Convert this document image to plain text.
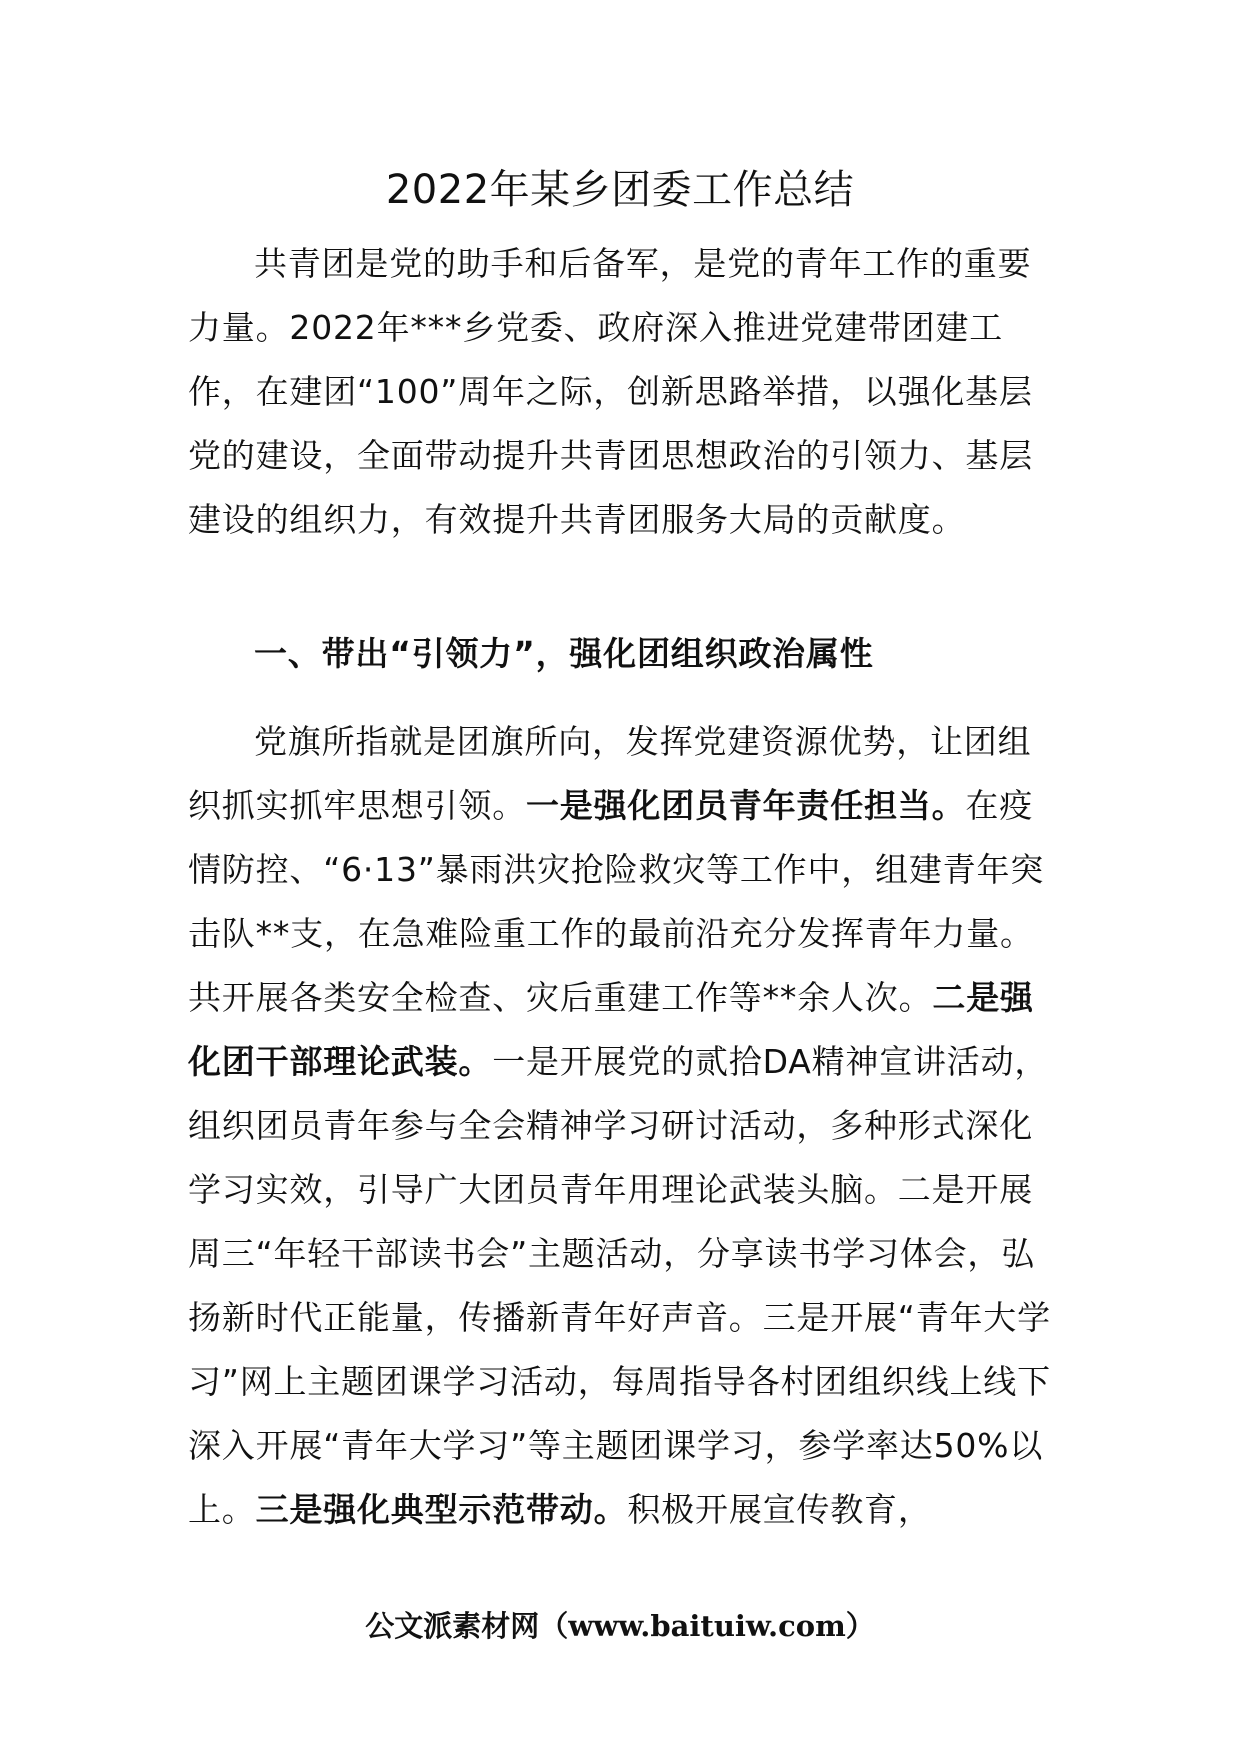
2022年某乡团委工作总结

共青团是党的助手和后备军，是党的青年工作的重要力量。2022年***乡党委、政府深入推进党建带团建工作，在建团“100”周年之际，创新思路举措，以强化基层党的建设，全面带动提升共青团思想政治的引领力、基层建设的组织力，有效提升共青团服务大局的贡献度。

一、带出“引领力”，强化团组织政治属性

党旗所指就是团旗所向，发挥党建资源优势，让团组织抓实抓牢思想引领。一是强化团员青年责任担当。在疫情防控、“6·13”暴雨洪灾抢险救灾等工作中，组建青年突击队**支，在急难险重工作的最前沿充分发挥青年力量。共开展各类安全检查、灾后重建工作等**余人次。二是强化团干部理论武装。一是开展党的贰拾DA精神宣讲活动，组织团员青年参与全会精神学习研讨活动，多种形式深化学习实效，引导广大团员青年用理论武装头脑。二是开展周三“年轻干部读书会”主题活动，分享读书学习体会，弘扬新时代正能量，传播新青年好声音。三是开展“青年大学习”网上主题团课学习活动，每周指导各村团组织线上线下深入开展“青年大学习”等主题团课学习，参学率达50%以上。三是强化典型示范带动。积极开展宣传教育，

公文派素材网（www.baituiw.com）
